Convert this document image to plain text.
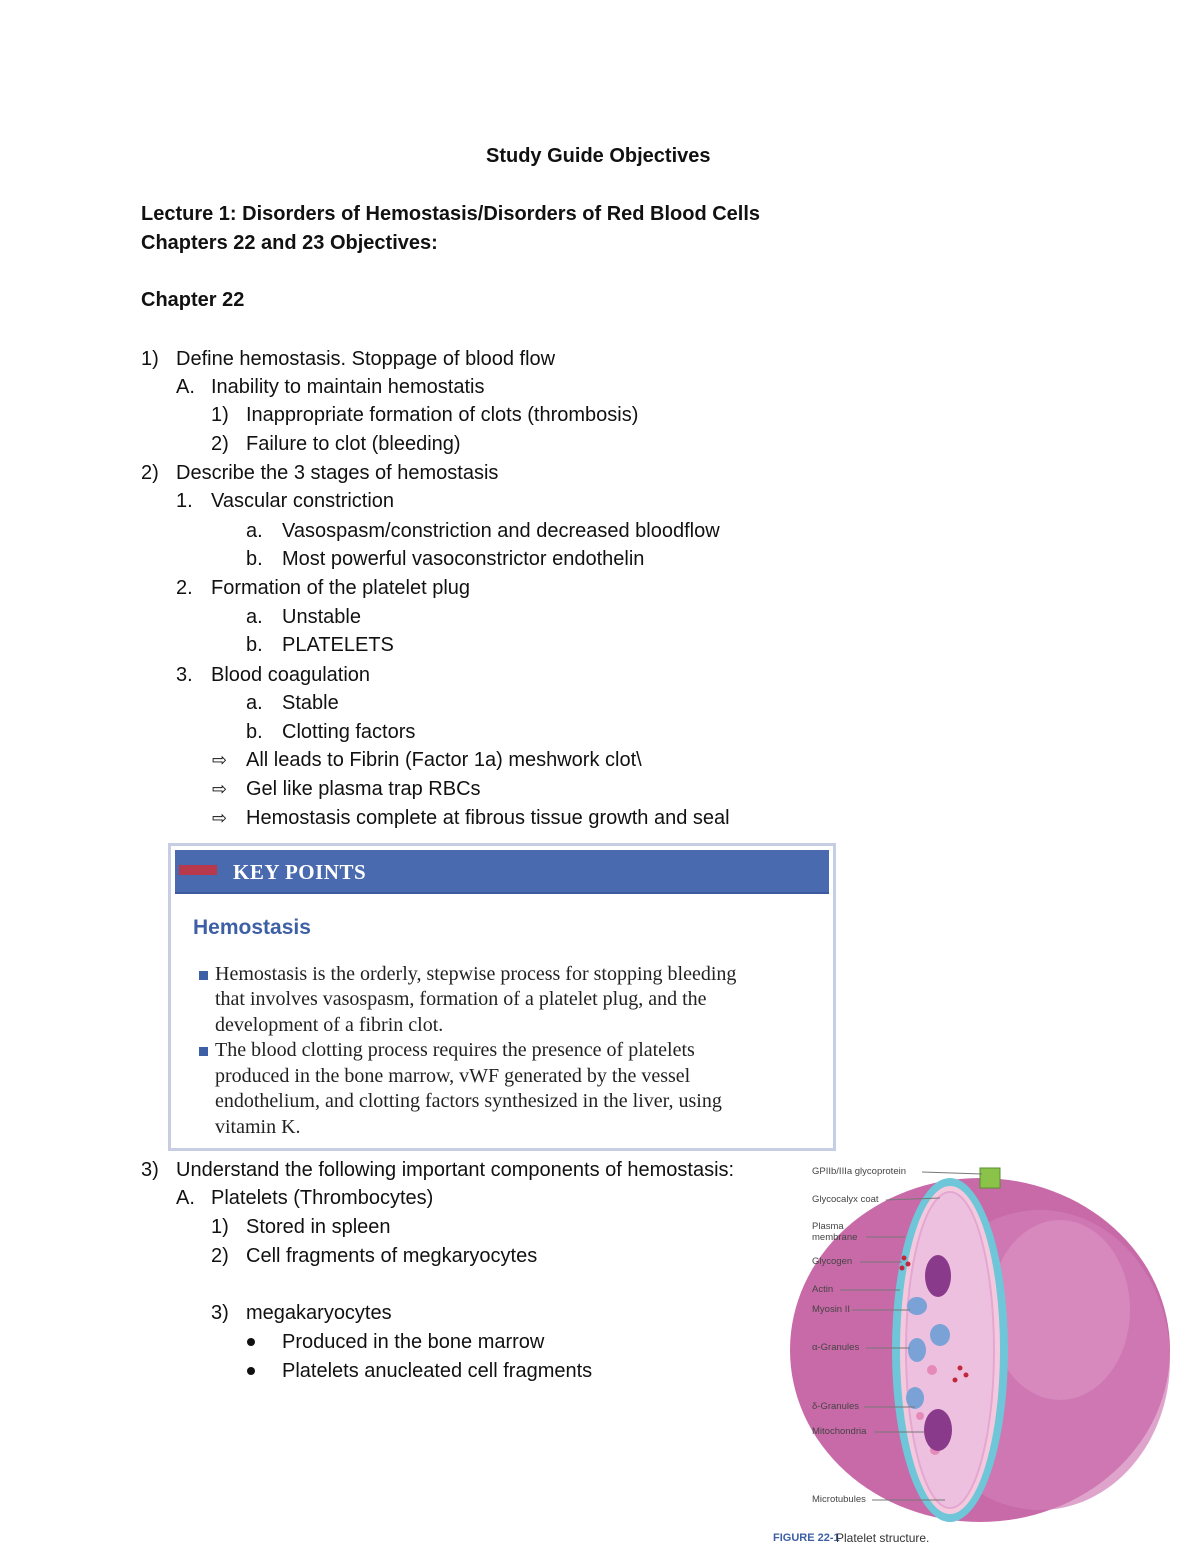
Study Guide Objectives
Lecture 1: Disorders of Hemostasis/Disorders of Red Blood Cells
Chapters 22 and 23 Objectives:
Chapter 22
1) Define hemostasis. Stoppage of blood flow
A. Inability to maintain hemostatis
1) Inappropriate formation of clots (thrombosis)
2) Failure to clot (bleeding)
2) Describe the 3 stages of hemostasis
1. Vascular constriction
a. Vasospasm/constriction and decreased bloodflow
b. Most powerful vasoconstrictor endothelin
2. Formation of the platelet plug
a. Unstable
b. PLATELETS
3. Blood coagulation
a. Stable
b. Clotting factors
⇨ All leads to Fibrin (Factor 1a) meshwork clot\
⇨ Gel like plasma trap RBCs
⇨ Hemostasis complete at fibrous tissue growth and seal
KEY POINTS
Hemostasis
Hemostasis is the orderly, stepwise process for stopping bleeding
that involves vasospasm, formation of a platelet plug, and the
development of a fibrin clot.
The blood clotting process requires the presence of platelets
produced in the bone marrow, vWF generated by the vessel
endothelium, and clotting factors synthesized in the liver, using
vitamin K.
3) Understand the following important components of hemostasis:
A. Platelets (Thrombocytes)
1) Stored in spleen
2) Cell fragments of megkaryocytes
3) megakaryocytes
Produced in the bone marrow
Platelets anucleated cell fragments
GPIIb/IIIa glycoprotein
Glycocalyx coat
Plasma
membrane
Glycogen
Actin
Myosin II
α-Granules
δ-Granules
Mitochondria
Microtubules
FIGURE 22-1
Platelet structure.
